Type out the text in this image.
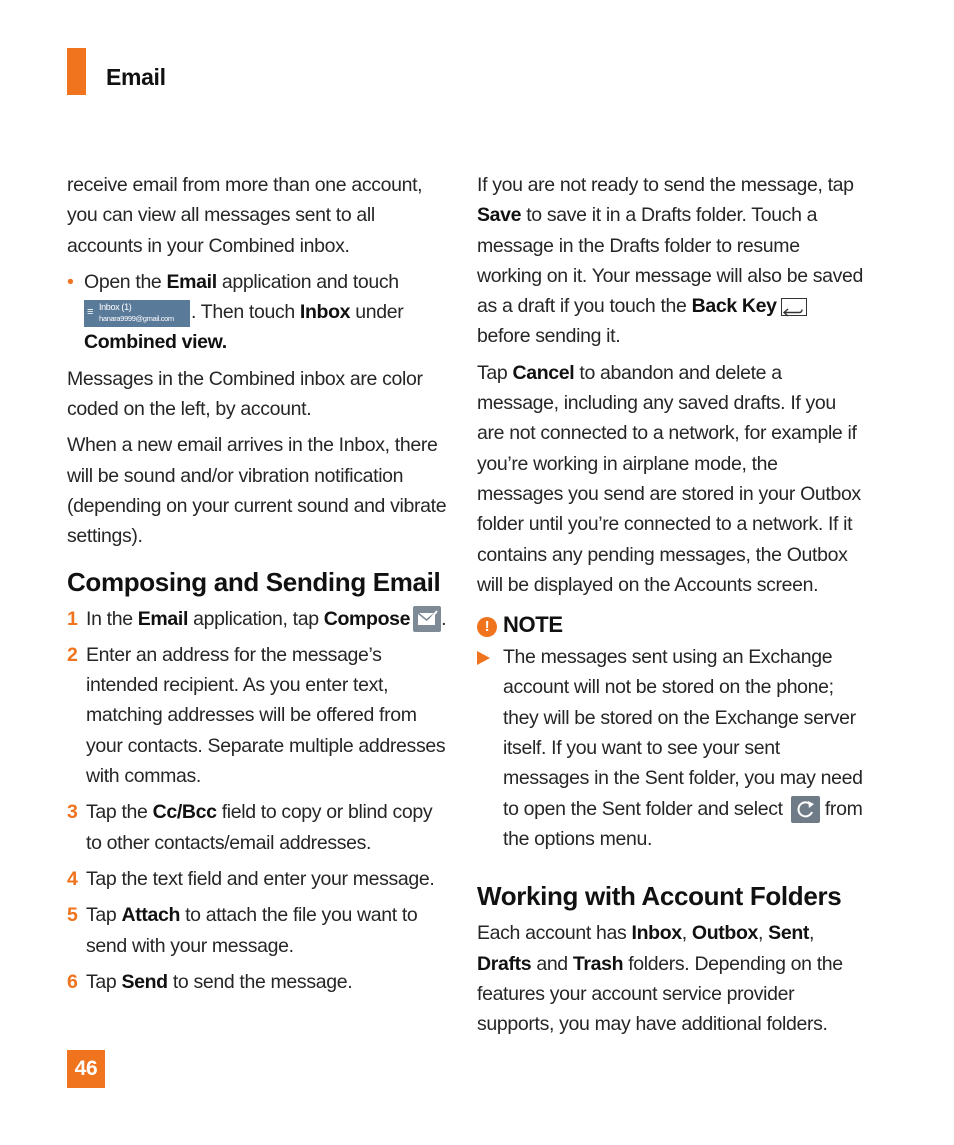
Email

receive email from more than one account, you can view all messages sent to all accounts in your Combined inbox.

• Open the Email application and touch
≡ Inbox (1)
hanara9999@gmail.com . Then touch Inbox under
Combined view.

Messages in the Combined inbox are color coded on the left, by account.

When a new email arrives in the Inbox, there will be sound and/or vibration notification (depending on your current sound and vibrate settings).

Composing and Sending Email
1 In the Email application, tap Compose .
2 Enter an address for the message’s intended recipient. As you enter text, matching addresses will be offered from your contacts. Separate multiple addresses with commas.
3 Tap the Cc/Bcc field to copy or blind copy to other contacts/email addresses.
4 Tap the text field and enter your message.
5 Tap Attach to attach the file you want to send with your message.
6 Tap Send to send the message.

If you are not ready to send the message, tap Save to save it in a Drafts folder. Touch a message in the Drafts folder to resume working on it. Your message will also be saved as a draft if you touch the Back Key
before sending it.

Tap Cancel to abandon and delete a message, including any saved drafts. If you are not connected to a network, for example if you’re working in airplane mode, the messages you send are stored in your Outbox folder until you’re connected to a network. If it contains any pending messages, the Outbox will be displayed on the Accounts screen.

! NOTE
The messages sent using an Exchange account will not be stored on the phone; they will be stored on the Exchange server itself. If you want to see your sent messages in the Sent folder, you may need to open the Sent folder and select  from the options menu.
Working with Account Folders

Each account has Inbox, Outbox, Sent,
Drafts and Trash folders. Depending on the features your account service provider supports, you may have additional folders.

46
